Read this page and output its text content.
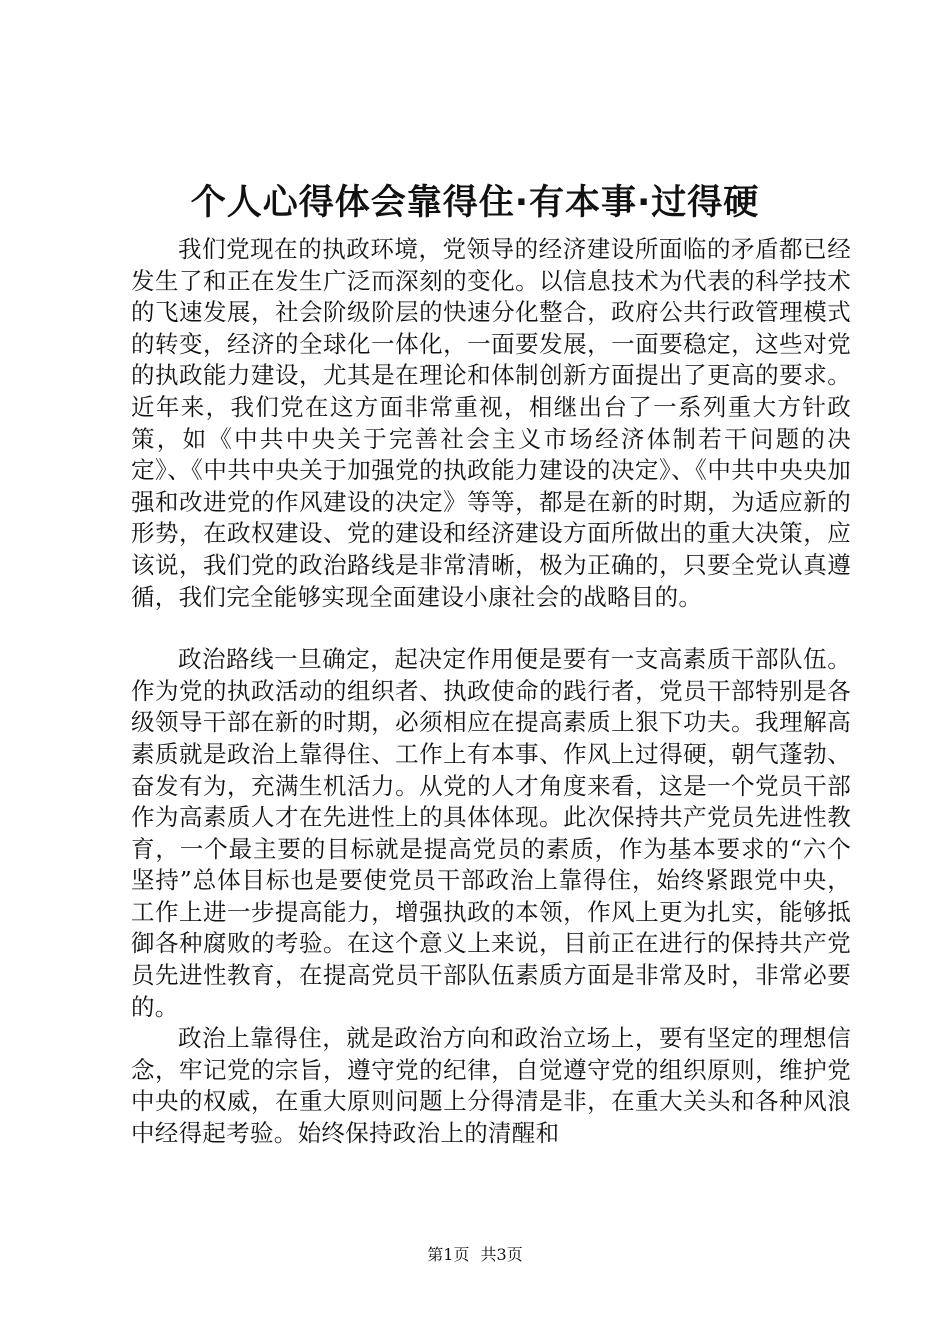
个人心得体会靠得住·有本事·过得硬

我们党现在的执政环境，党领导的经济建设所面临的矛盾都已经发生了和正在发生广泛而深刻的变化。以信息技术为代表的科学技术的飞速发展，社会阶级阶层的快速分化整合，政府公共行政管理模式的转变，经济的全球化一体化，一面要发展，一面要稳定，这些对党的执政能力建设，尤其是在理论和体制创新方面提出了更高的要求。近年来，我们党在这方面非常重视，相继出台了一系列重大方针政策，如《中共中央关于完善社会主义市场经济体制若干问题的决定》、《中共中央关于加强党的执政能力建设的决定》、《中共中央央加强和改进党的作风建设的决定》等等，都是在新的时期，为适应新的形势，在政权建设、党的建设和经济建设方面所做出的重大决策，应该说，我们党的政治路线是非常清晰，极为正确的，只要全党认真遵循，我们完全能够实现全面建设小康社会的战略目的。

政治路线一旦确定，起决定作用便是要有一支高素质干部队伍。作为党的执政活动的组织者、执政使命的践行者，党员干部特别是各级领导干部在新的时期，必须相应在提高素质上狠下功夫。我理解高素质就是政治上靠得住、工作上有本事、作风上过得硬，朝气蓬勃、奋发有为，充满生机活力。从党的人才角度来看，这是一个党员干部作为高素质人才在先进性上的具体体现。此次保持共产党员先进性教育，一个最主要的目标就是提高党员的素质，作为基本要求的“六个坚持”总体目标也是要使党员干部政治上靠得住，始终紧跟党中央，工作上进一步提高能力，增强执政的本领，作风上更为扎实，能够抵御各种腐败的考验。在这个意义上来说，目前正在进行的保持共产党员先进性教育，在提高党员干部队伍素质方面是非常及时，非常必要的。

政治上靠得住，就是政治方向和政治立场上，要有坚定的理想信念，牢记党的宗旨，遵守党的纪律，自觉遵守党的组织原则，维护党中央的权威，在重大原则问题上分得清是非，在重大关头和各种风浪中经得起考验。始终保持政治上的清醒和

第1页 共3页
